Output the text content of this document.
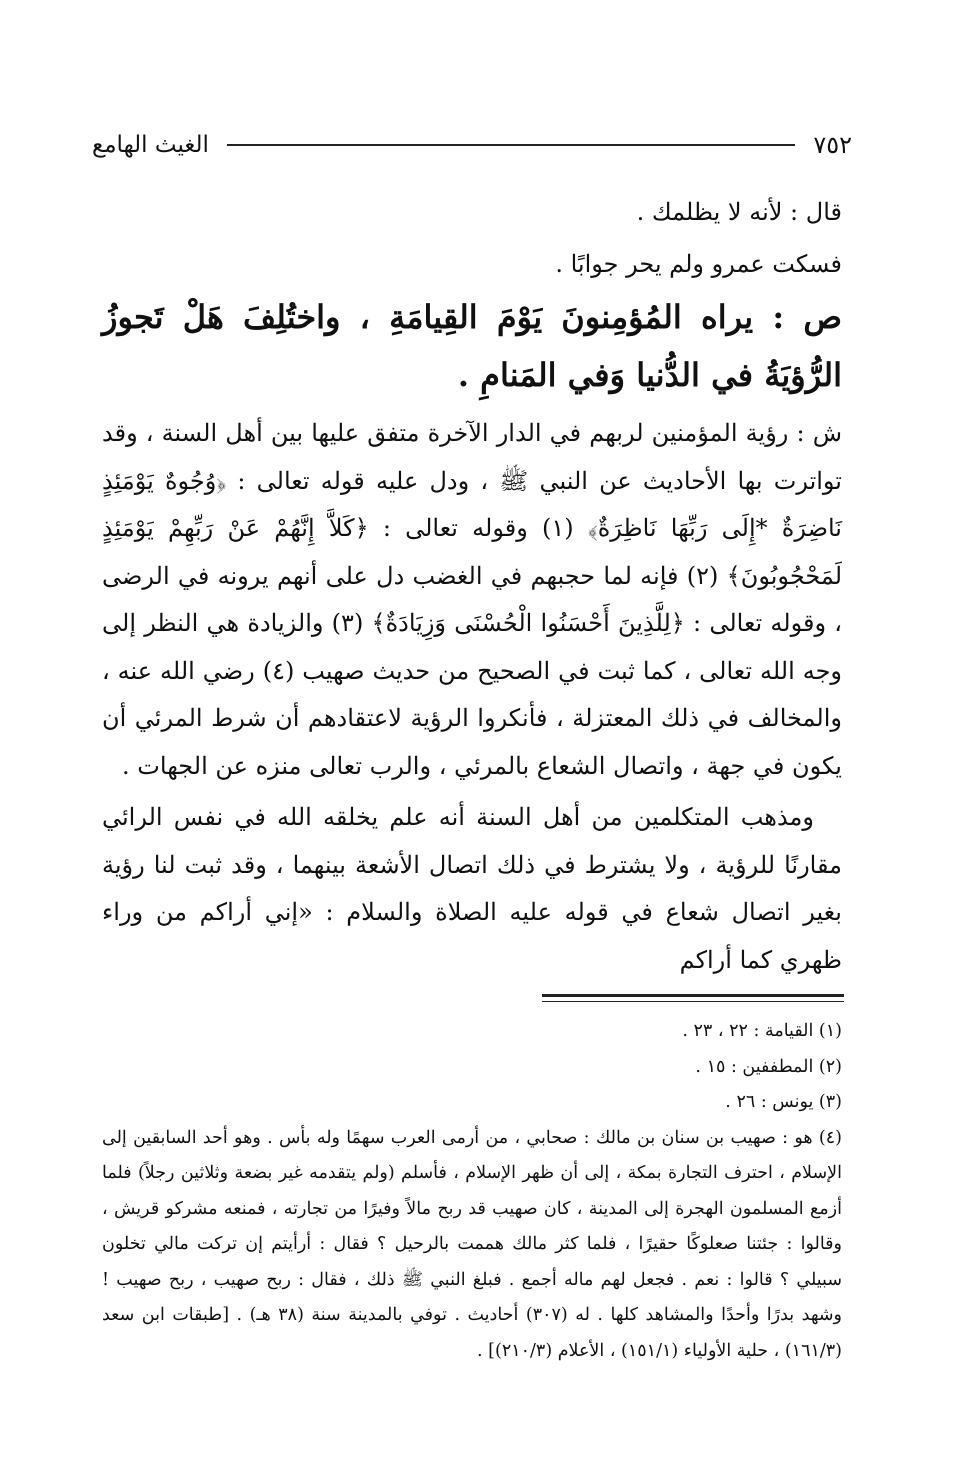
٧٥٢
الغيث الهامع
قال : لأنه لا يظلمك .
فسكت عمرو ولم يحر جوابًا .
ص : يراه المُؤمِنونَ يَوْمَ القِيامَةِ ، واختُلِفَ هَلْ تَجوزُ الرُّؤيَةُ في الدُّنيا وَفي المَنامِ .
ش : رؤية المؤمنين لربهم في الدار الآخرة متفق عليها بين أهل السنة ، وقد تواترت بها الأحاديث عن النبي ﷺ ، ودل عليه قوله تعالى : ﴿وُجُوهٌ يَوْمَئِذٍ نَاضِرَةٌ *إِلَى رَبِّهَا نَاظِرَةٌ﴾ (١) وقوله تعالى : ﴿كَلاَّ إِنَّهُمْ عَنْ رَبِّهِمْ يَوْمَئِذٍ لَمَحْجُوبُونَ﴾ (٢) فإنه لما حجبهم في الغضب دل على أنهم يرونه في الرضى ، وقوله تعالى : ﴿لِلَّذِينَ أَحْسَنُوا الْحُسْنَى وَزِيَادَةٌ﴾ (٣) والزيادة هي النظر إلى وجه الله تعالى ، كما ثبت في الصحيح من حديث صهيب (٤) رضي الله عنه ، والمخالف في ذلك المعتزلة ، فأنكروا الرؤية لاعتقادهم أن شرط المرئي أن يكون في جهة ، واتصال الشعاع بالمرئي ، والرب تعالى منزه عن الجهات .
ومذهب المتكلمين من أهل السنة أنه علم يخلقه الله في نفس الرائي مقارنًا للرؤية ، ولا يشترط في ذلك اتصال الأشعة بينهما ، وقد ثبت لنا رؤية بغير اتصال شعاع في قوله عليه الصلاة والسلام : «إني أراكم من وراء ظهري كما أراكم
(١) القيامة : ٢٢ ، ٢٣ .
(٢) المطففين : ١٥ .
(٣) يونس : ٢٦ .
(٤) هو : صهيب بن سنان بن مالك : صحابي ، من أرمى العرب سهمًا وله بأس . وهو أحد السابقين إلى الإسلام ، احترف التجارة بمكة ، إلى أن ظهر الإسلام ، فأسلم (ولم يتقدمه غير بضعة وثلاثين رجلاً) فلما أزمع المسلمون الهجرة إلى المدينة ، كان صهيب قد ربح مالاً وفيرًا من تجارته ، فمنعه مشركو قريش ، وقالوا : جئتنا صعلوكًا حقيرًا ، فلما كثر مالك هممت بالرحيل ؟ فقال : أرأيتم إن تركت مالي تخلون سبيلي ؟ قالوا : نعم . فجعل لهم ماله أجمع . فبلغ النبي ﷺ ذلك ، فقال : ربح صهيب ، ربح صهيب ! وشهد بدرًا وأحدًا والمشاهد كلها . له (٣٠٧) أحاديث . توفي بالمدينة سنة (٣٨ هـ) . [طبقات ابن سعد (١٦١/٣) ، حلية الأولياء (١٥١/١) ، الأعلام (٢١٠/٣)] .
